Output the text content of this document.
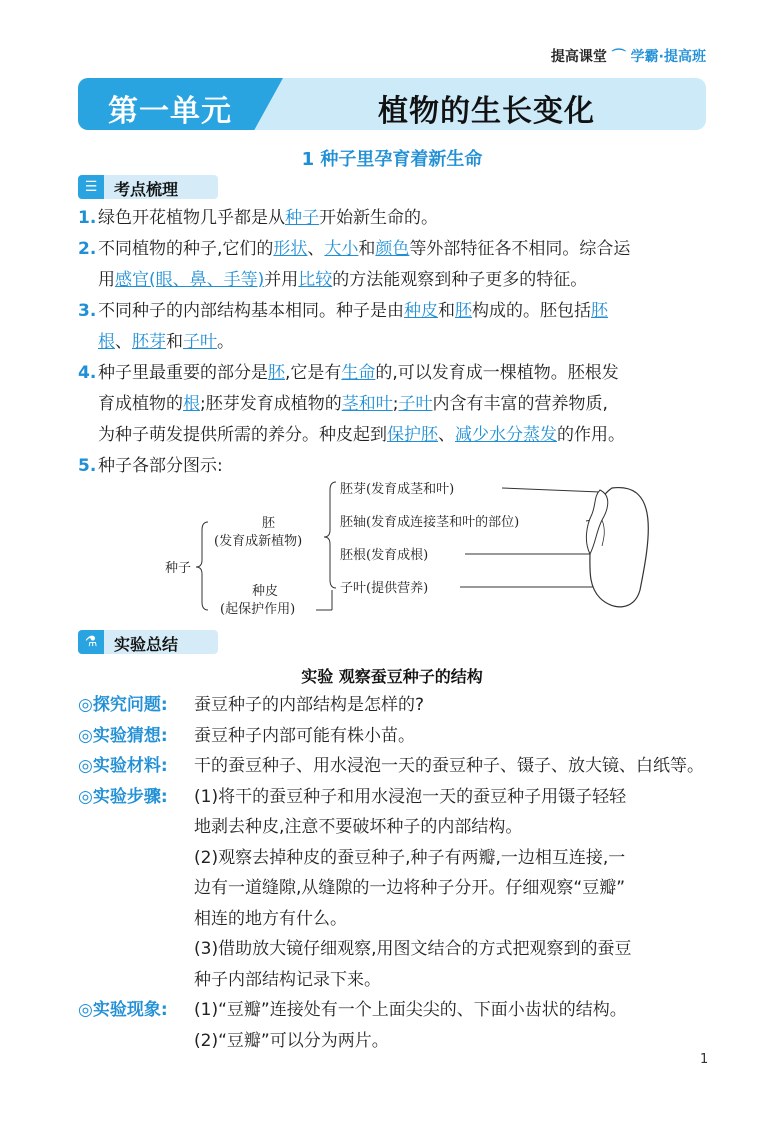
提高课堂 ⌒ 学霸·提高班
第一单元	植物的生长变化
1 种子里孕育着新生命
☰	考点梳理
1. 绿色开花植物几乎都是从种子开始新生命的。
2. 不同植物的种子,它们的形状、大小和颜色等外部特征各不相同。综合运
用感官(眼、鼻、手等)并用比较的方法能观察到种子更多的特征。
3. 不同种子的内部结构基本相同。种子是由种皮和胚构成的。胚包括胚
根、胚芽和子叶。
4. 种子里最重要的部分是胚,它是有生命的,可以发育成一棵植物。胚根发
育成植物的根;胚芽发育成植物的茎和叶;子叶内含有丰富的营养物质,
为种子萌发提供所需的养分。种皮起到保护胚、减少水分蒸发的作用。
5. 种子各部分图示:
种子
胚
(发育成新植物)
种皮
(起保护作用)
胚芽(发育成茎和叶)
胚轴(发育成连接茎和叶的部位)
胚根(发育成根)
子叶(提供营养)
⚗	实验总结
实验 观察蚕豆种子的结构
◎探究问题: 蚕豆种子的内部结构是怎样的?
◎实验猜想: 蚕豆种子内部可能有株小苗。
◎实验材料: 干的蚕豆种子、用水浸泡一天的蚕豆种子、镊子、放大镜、白纸等。
◎实验步骤: (1)将干的蚕豆种子和用水浸泡一天的蚕豆种子用镊子轻轻
地剥去种皮,注意不要破坏种子的内部结构。
(2)观察去掉种皮的蚕豆种子,种子有两瓣,一边相互连接,一
边有一道缝隙,从缝隙的一边将种子分开。仔细观察“豆瓣”
相连的地方有什么。
(3)借助放大镜仔细观察,用图文结合的方式把观察到的蚕豆
种子内部结构记录下来。
◎实验现象: (1)“豆瓣”连接处有一个上面尖尖的、下面小齿状的结构。
(2)“豆瓣”可以分为两片。
1
